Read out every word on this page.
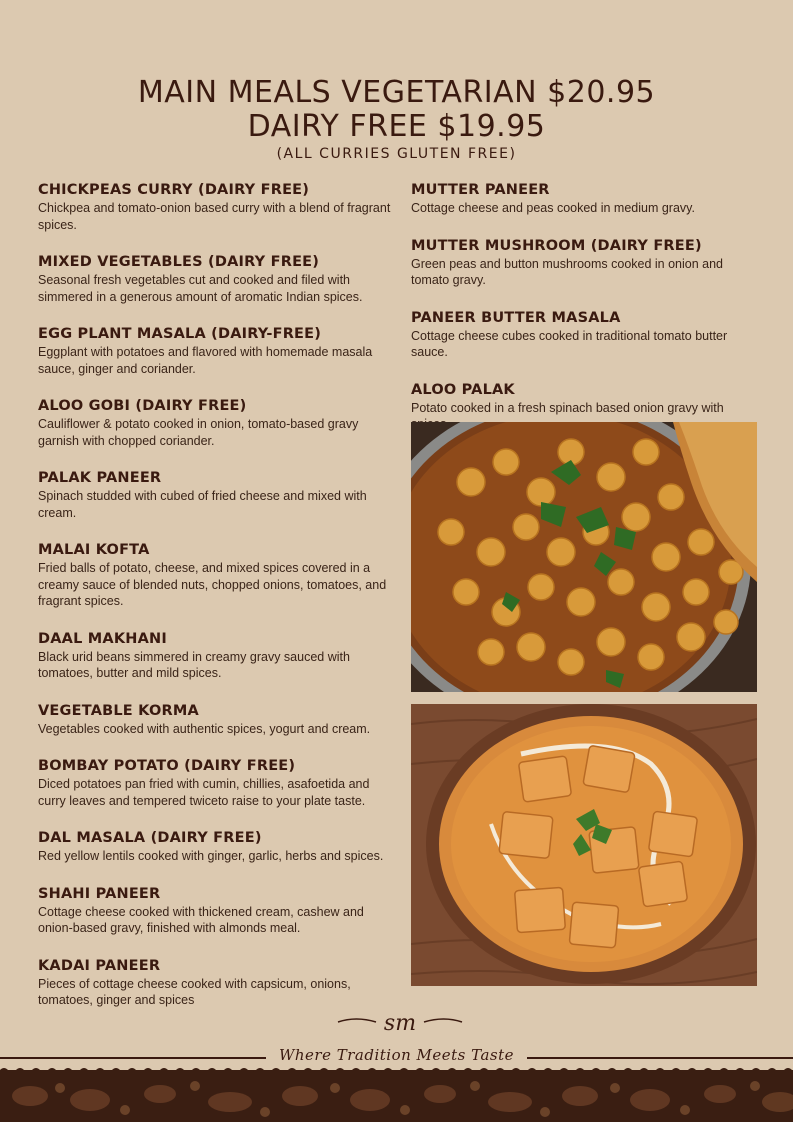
MAIN MEALS VEGETARIAN $20.95
DAIRY FREE $19.95
(ALL CURRIES GLUTEN FREE)
CHICKPEAS CURRY (DAIRY FREE)
Chickpea and tomato-onion based curry with a blend of fragrant spices.
MIXED VEGETABLES (DAIRY FREE)
Seasonal fresh vegetables cut and cooked and filed with simmered in a generous amount of aromatic Indian spices.
EGG PLANT MASALA (DAIRY-FREE)
Eggplant with potatoes and flavored with homemade masala sauce, ginger and coriander.
ALOO GOBI (DAIRY FREE)
Cauliflower & potato cooked in onion, tomato-based gravy garnish with chopped coriander.
PALAK PANEER
Spinach studded with cubed of fried cheese and mixed with cream.
MALAI KOFTA
Fried balls of potato, cheese, and mixed spices covered in a creamy sauce of blended nuts, chopped onions, tomatoes, and fragrant spices.
DAAL MAKHANI
Black urid beans simmered in creamy gravy sauced with tomatoes, butter and mild spices.
VEGETABLE KORMA
Vegetables cooked with authentic spices, yogurt and cream.
BOMBAY POTATO (DAIRY FREE)
Diced potatoes pan fried with cumin, chillies, asafoetida and curry leaves and tempered twiceto raise to your plate taste.
DAL MASALA (DAIRY FREE)
Red yellow lentils cooked with ginger, garlic, herbs and spices.
SHAHI PANEER
Cottage cheese cooked with thickened cream, cashew and onion-based gravy, finished with almonds meal.
KADAI PANEER
Pieces of cottage cheese cooked with capsicum, onions, tomatoes, ginger and spices
MUTTER PANEER
Cottage cheese and peas cooked in medium gravy.
MUTTER MUSHROOM (DAIRY FREE)
Green peas and button mushrooms cooked in onion and tomato gravy.
PANEER BUTTER MASALA
Cottage cheese cubes cooked in traditional tomato butter sauce.
ALOO PALAK
Potato cooked in a fresh spinach based onion gravy with
sm
Where Tradition Meets Taste
